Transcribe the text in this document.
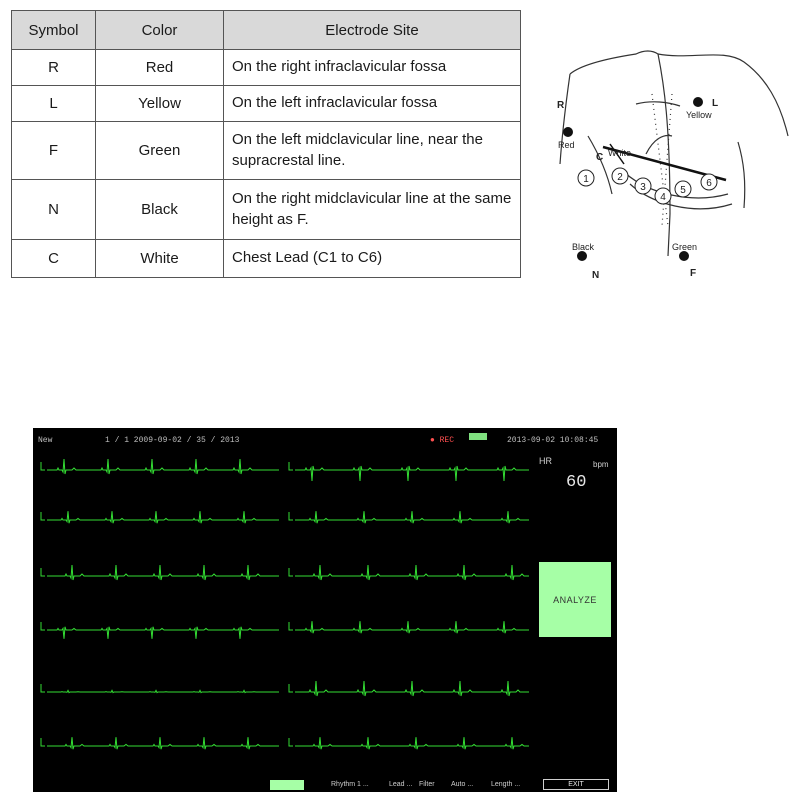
Symbol	Color	Electrode Site
R	Red	On the right infraclavicular fossa
L	Yellow	On the left infraclavicular fossa
F	Green	On the left midclavicular line, near the supracrestal line.
N	Black	On the right midclavicular line at the same height as F.
C	White	Chest Lead (C1 to C6)
R
Red
L
Yellow
C White
Black
N
Green
F
1	2
3
4
5
6
New	1 / 1 2009-09-02 / 35 / 2013	● REC	2013-09-02 10:08:45
HR	bpm
60
ANALYZE
Rhythm 1 ...	Lead ... Filter Auto ...	Length ...	EXIT
